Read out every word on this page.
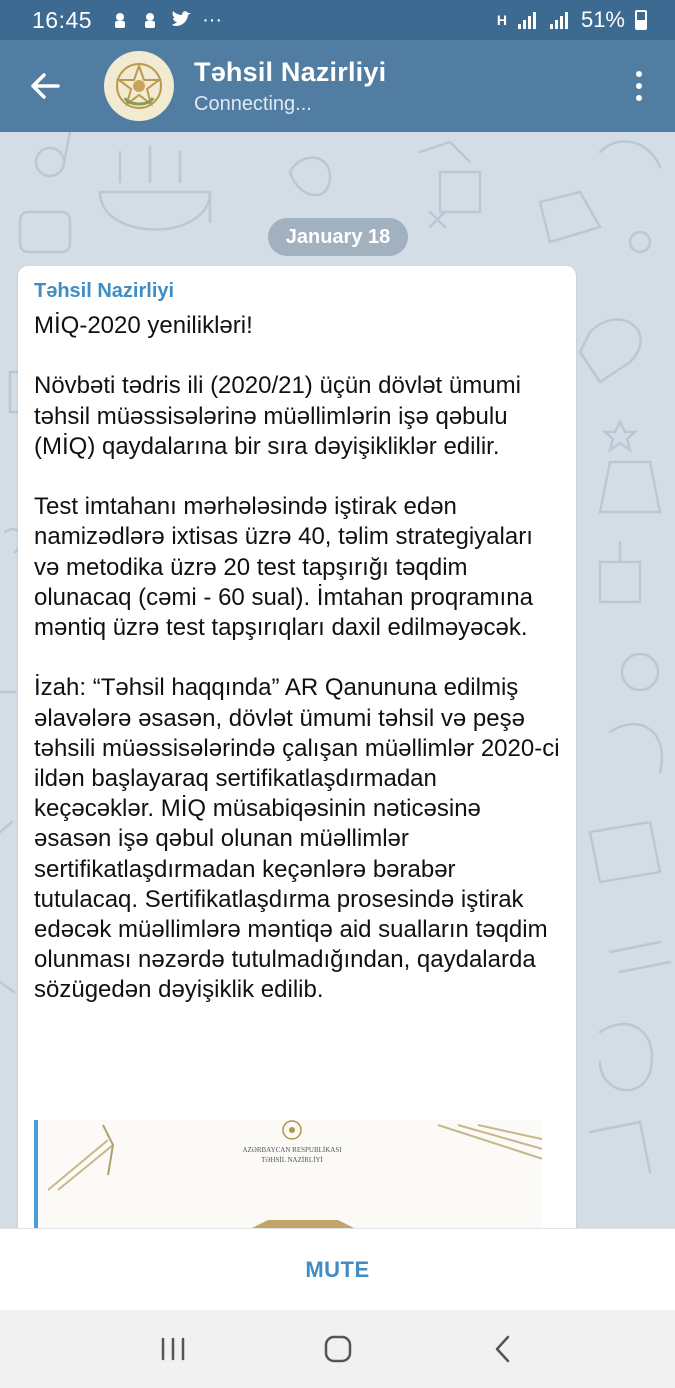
16:45	···	H	51%
Təhsil Nazirliyi
Connecting...
January 18
Təhsil Nazirliyi
MİQ-2020 yenilikləri!

Növbəti tədris ili (2020/21) üçün dövlət ümumi təhsil müəssisələrinə müəllimlərin işə qəbulu (MİQ) qaydalarına bir sıra dəyişikliklər edilir.

Test imtahanı mərhələsində iştirak edən namizədlərə ixtisas üzrə 40, təlim strategiyaları və metodika üzrə 20 test tapşırığı təqdim olunacaq (cəmi - 60 sual). İmtahan proqramına məntiq üzrə test tapşırıqları daxil edilməyəcək.

İzah: “Təhsil haqqında” AR Qanununa edilmiş əlavələrə əsasən, dövlət ümumi təhsil və peşə təhsili müəssisələrində çalışan müəllimlər 2020-ci ildən başlayaraq sertifikatlaşdırmadan keçəcəklər. MİQ müsabiqəsinin nəticəsinə əsasən işə qəbul olunan müəllimlər sertifikatlaşdırmadan keçənlərə bərabər tutulacaq. Sertifikatlaşdırma prosesində iştirak edəcək müəllimlərə məntiqə aid sualların təqdim olunması nəzərdə tutulmadığından, qaydalarda sözügedən dəyişiklik edilib.
AZƏRBAYCAN RESPUBLİKASI
TƏHSİL NAZİRLİYİ
MUTE
